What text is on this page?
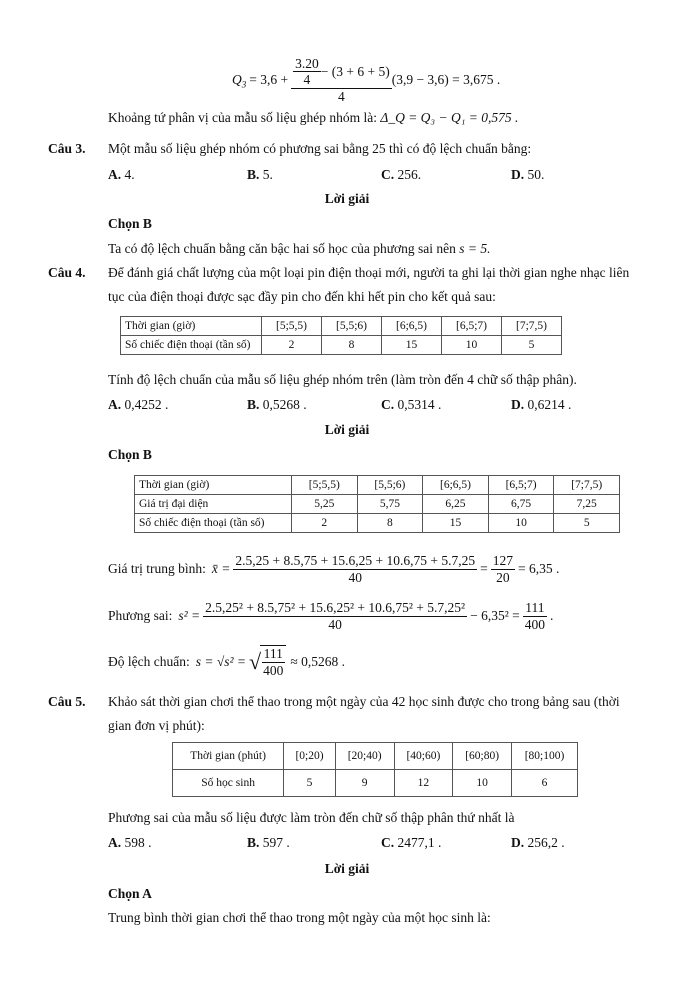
$Q_3 = 3,6 + \frac{\frac{3.20}{4} - (3 + 6 + 5)}{4} (3,9 - 3,6) = 3,675$ .
Khoảng tứ phân vị của mẫu số liệu ghép nhóm là: Δ_Q = Q₃ − Q₁ = 0,575 .
Câu 3. Một mẫu số liệu ghép nhóm có phương sai bằng 25 thì có độ lệch chuẩn bằng:
A. 4.	B. 5.	C. 256.	D. 50.
Lời giải
Chọn B
Ta có độ lệch chuẩn bằng căn bậc hai số học của phương sai nên s = 5.
Câu 4. Để đánh giá chất lượng của một loại pin điện thoại mới, người ta ghi lại thời gian nghe nhạc liên
tục của điện thoại được sạc đầy pin cho đến khi hết pin cho kết quả sau:
Thời gian (giờ)	[5;5,5)	[5,5;6)	[6;6,5)	[6,5;7)	[7;7,5)
Số chiếc điện thoại (tần số)	2	8	15	10	5
Tính độ lệch chuẩn của mẫu số liệu ghép nhóm trên (làm tròn đến 4 chữ số thập phân).
A. 0,4252 .	B. 0,5268 .	C. 0,5314 .	D. 0,6214 .
Lời giải
Chọn B
Thời gian (giờ)	[5;5,5)	[5,5;6)	[6;6,5)	[6,5;7)	[7;7,5)
Giá trị đại diện	5,25	5,75	6,25	6,75	7,25
Số chiếc điện thoại (tần số)	2	8	15	10	5
Giá trị trung bình: x̄ = $\frac{2.5,25 + 8.5,75 + 15.6,25 + 10.6,75 + 5.7,25}{40} = \frac{127}{20} = 6,35$ .
Phương sai: $s^2 = \frac{\text{2.5,25² + 8.5,75² + 15.6,25² + 10.6,75² + 5.7,25²}}{40} - 6,35^2 = \frac{111}{400}$ .
Độ lệch chuẩn: s = √s² = √ $\frac{111}{400} \approx 0,5268$ .
Câu 5. Khảo sát thời gian chơi thể thao trong một ngày của 42 học sinh được cho trong bảng sau (thời
gian đơn vị phút):
Thời gian (phút)	[0;20)	[20;40)	[40;60)	[60;80)	[80;100)
Số học sinh	5	9	12	10	6
Phương sai của mẫu số liệu được làm tròn đến chữ số thập phân thứ nhất là
A. 598 .	B. 597 .	C. 2477,1 .	D. 256,2 .
Lời giải
Chọn A
Trung bình thời gian chơi thể thao trong một ngày của một học sinh là:
